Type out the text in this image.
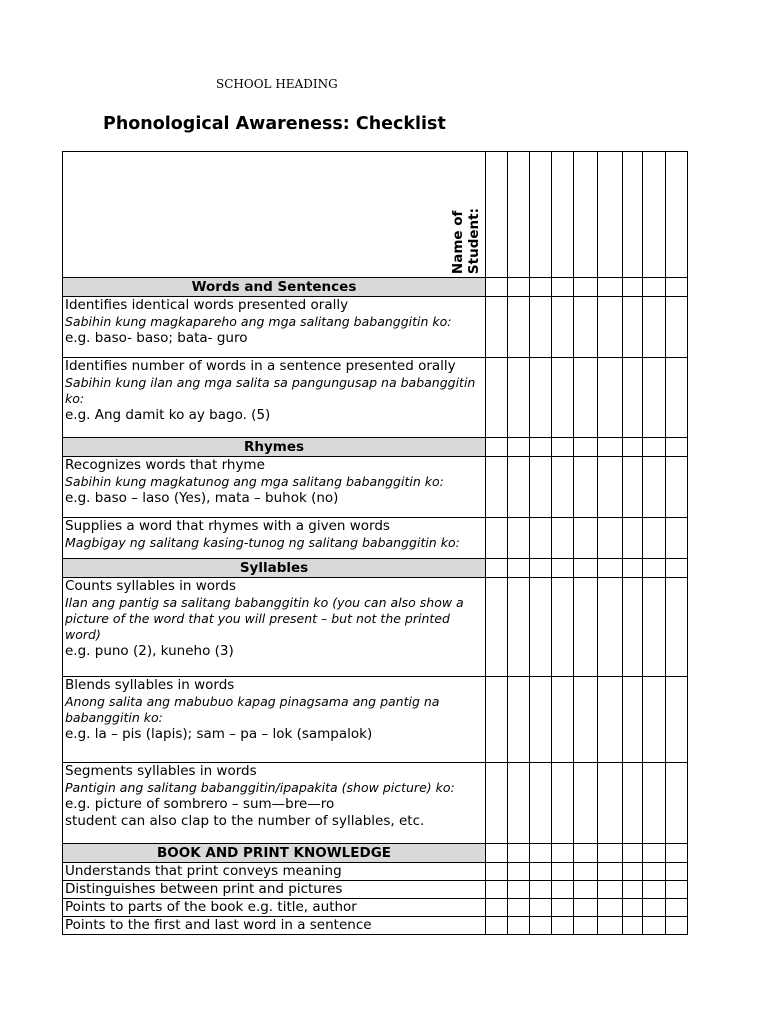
SCHOOL HEADING
Phonological Awareness: Checklist
Name of
Student:									

Words and Sentences									

Identifies identical words presented orally
Sabihin kung magkapareho ang mga salitang babanggitin ko:
e.g. baso- baso; bata- guro									

Identifies number of words in a sentence presented orally
Sabihin kung ilan ang mga salita sa pangungusap na babanggitin ko:
e.g. Ang damit ko ay bago. (5)									

Rhymes									

Recognizes words that rhyme
Sabihin kung magkatunog ang mga salitang babanggitin ko:
e.g. baso – laso (Yes), mata – buhok (no)									

Supplies a word that rhymes with a given words
Magbigay ng salitang kasing-tunog ng salitang babanggitin ko:									

Syllables									

Counts syllables in words
Ilan ang pantig sa salitang babanggitin ko (you can also show a picture of the word that you will present – but not the printed word)
e.g. puno (2), kuneho (3)									

Blends syllables in words
Anong salita ang mabubuo kapag pinagsama ang pantig na babanggitin ko:
e.g. la – pis (lapis); sam – pa – lok (sampalok)									

Segments syllables in words
Pantigin ang salitang babanggitin/ipapakita (show picture) ko:
e.g. picture of sombrero – sum—bre—ro
student can also clap to the number of syllables, etc.									

BOOK AND PRINT KNOWLEDGE									
Understands that print conveys meaning									
Distinguishes between print and pictures									
Points to parts of the book e.g. title, author									
Points to the first and last word in a sentence									
